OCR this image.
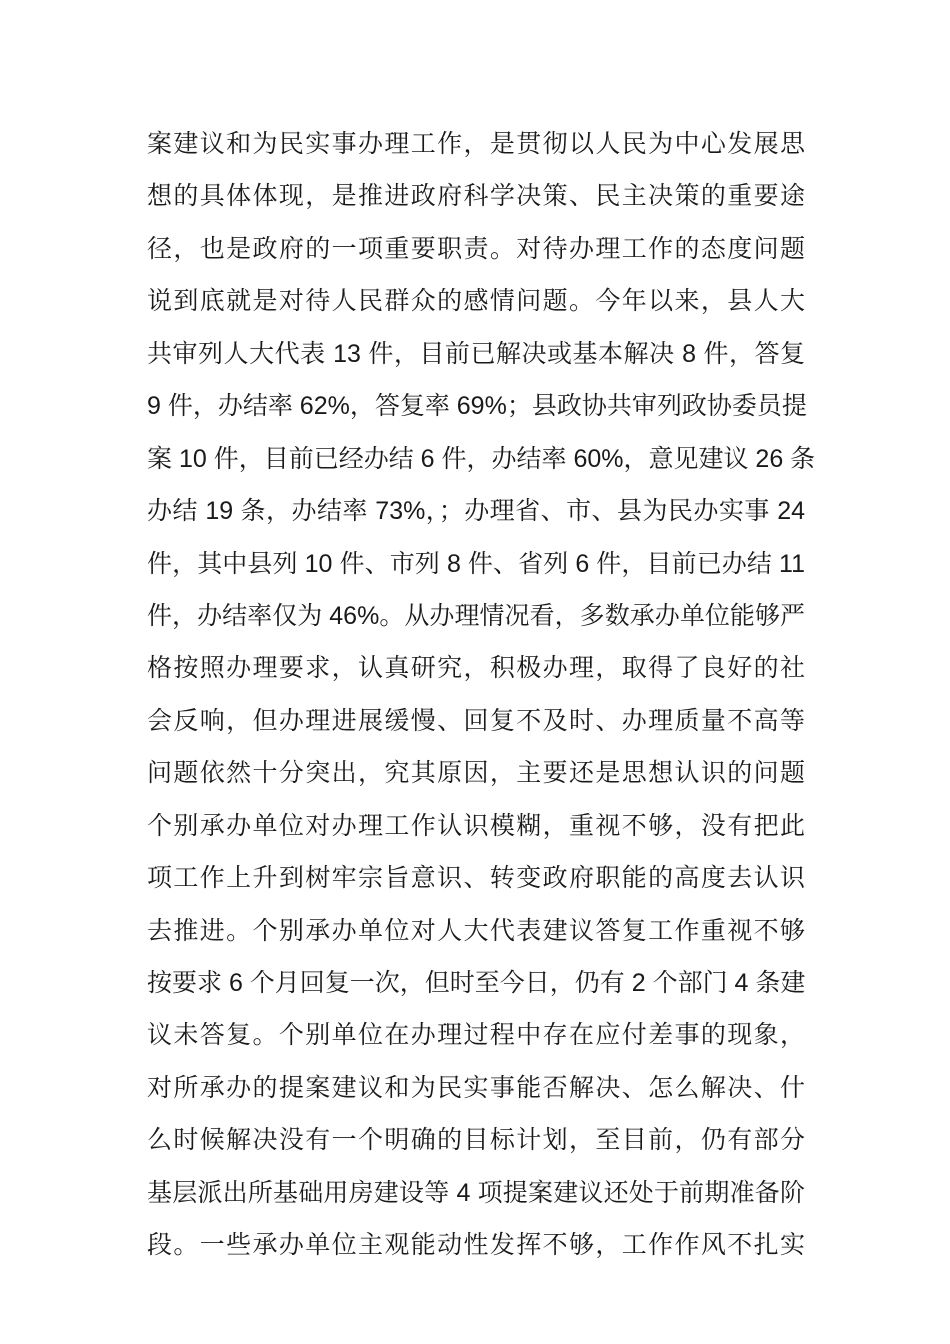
案建议和为民实事办理工作，是贯彻以人民为中心发展思
想的具体体现，是推进政府科学决策、民主决策的重要途
径，也是政府的一项重要职责。对待办理工作的态度问题
说到底就是对待人民群众的感情问题。今年以来，县人大
共审列人大代表 13 件，目前已解决或基本解决 8 件，答复
9 件，办结率 62%，答复率 69%；县政协共审列政协委员提
案 10 件，目前已经办结 6 件，办结率 60%，意见建议 26 条
办结 19 条，办结率 73%，；办理省、市、县为民办实事 24
件，其中县列 10 件、市列 8 件、省列 6 件，目前已办结 11
件，办结率仅为 46%。从办理情况看，多数承办单位能够严
格按照办理要求，认真研究，积极办理，取得了良好的社
会反响，但办理进展缓慢、回复不及时、办理质量不高等
问题依然十分突出，究其原因，主要还是思想认识的问题
个别承办单位对办理工作认识模糊，重视不够，没有把此
项工作上升到树牢宗旨意识、转变政府职能的高度去认识
去推进。个别承办单位对人大代表建议答复工作重视不够
按要求 6 个月回复一次，但时至今日，仍有 2 个部门 4 条建
议未答复。个别单位在办理过程中存在应付差事的现象，
对所承办的提案建议和为民实事能否解决、怎么解决、什
么时候解决没有一个明确的目标计划，至目前，仍有部分
基层派出所基础用房建设等 4 项提案建议还处于前期准备阶
段。一些承办单位主观能动性发挥不够，工作作风不扎实
